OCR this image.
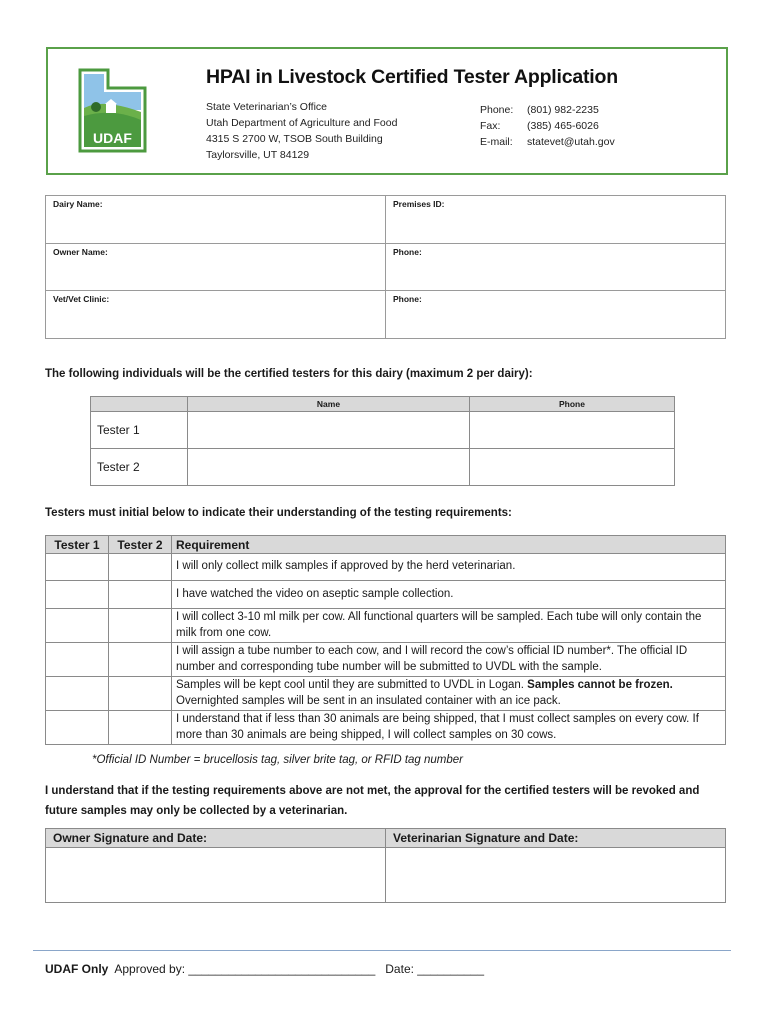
UDAF
HPAI in Livestock Certified Tester Application
State Veterinarian’s Office
Utah Department of Agriculture and Food
4315 S 2700 W, TSOB South Building
Taylorsville, UT 84129
Phone:	(801) 982-2235
Fax:	(385) 465-6026
E-mail:	statevet@utah.gov
Dairy Name:	Premises ID:
Owner Name:	Phone:
Vet/Vet Clinic:	Phone:
The following individuals will be the certified testers for this dairy (maximum 2 per dairy):
	Name	Phone
Tester 1		
Tester 2		
Testers must initial below to indicate their understanding of the testing requirements:
Tester 1	Tester 2	Requirement
		I will only collect milk samples if approved by the herd veterinarian.
		I have watched the video on aseptic sample collection.
		I will collect 3-10 ml milk per cow. All functional quarters will be sampled. Each tube will only contain the milk from one cow.
		I will assign a tube number to each cow, and I will record the cow’s official ID number*. The official ID number and corresponding tube number will be submitted to UVDL with the sample.
		Samples will be kept cool until they are submitted to UVDL in Logan. Samples cannot be frozen. Overnighted samples will be sent in an insulated container with an ice pack.
		I understand that if less than 30 animals are being shipped, that I must collect samples on every cow. If more than 30 animals are being shipped, I will collect samples on 30 cows.
*Official ID Number = brucellosis tag, silver brite tag, or RFID tag number
I understand that if the testing requirements above are not met, the approval for the certified testers will be revoked and future samples may only be collected by a veterinarian.
Owner Signature and Date:	Veterinarian Signature and Date:

UDAF Only  Approved by: ____________________________   Date: __________
